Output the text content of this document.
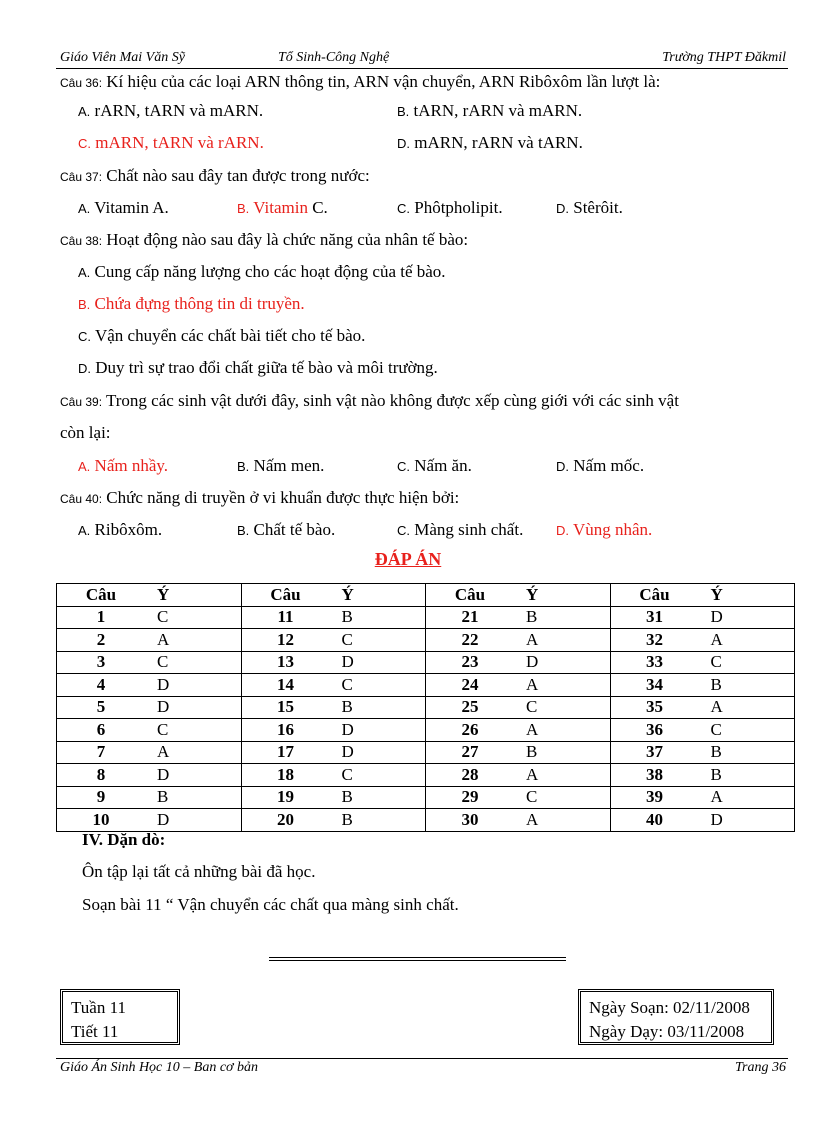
Giáo Viên Mai Văn Sỹ	Tổ Sinh-Công Nghệ	Trường THPT Đăkmil
Câu 36: Kí hiệu của các loại ARN thông tin, ARN vận chuyển, ARN Ribôxôm lần lượt là:
A. rARN, tARN và mARN.	B. tARN, rARN và mARN.
C. mARN, tARN và rARN.	D. mARN, rARN và tARN.
Câu 37: Chất nào sau đây tan được trong nước:
A. Vitamin A.	B. Vitamin C.	C. Phôtpholipit.	D. Stêrôit.
Câu 38: Hoạt động nào sau đây là chức năng của nhân tế bào:
A. Cung cấp năng lượng cho các hoạt động của tế bào.
B. Chứa đựng thông tin di truyền.
C. Vận chuyển các chất bài tiết cho tế bào.
D. Duy trì sự trao đổi chất giữa tế bào và môi trường.
Câu 39: Trong các sinh vật dưới đây, sinh vật nào không được xếp cùng giới với các sinh vật
còn lại:
A. Nấm nhầy.	B. Nấm men.	C. Nấm ăn.	D. Nấm mốc.
Câu 40: Chức năng di truyền ở vi khuẩn được thực hiện bởi:
A. Ribôxôm.	B. Chất tế bào.	C. Màng sinh chất.	D. Vùng nhân.
ĐÁP ÁN
Câu Ý	Câu Ý	Câu Ý	Câu Ý
1 C	11 B	21 B	31 D
2 A	12 C	22 A	32 A
3 C	13 D	23 D	33 C
4 D	14 C	24 A	34 B
5 D	15 B	25 C	35 A
6 C	16 D	26 A	36 C
7 A	17 D	27 B	37 B
8 D	18 C	28 A	38 B
9 B	19 B	29 C	39 A
10 D	20 B	30 A	40 D
IV. Dặn dò:
Ôn tập lại tất cả những bài đã học.
Soạn bài 11 “ Vận chuyển các chất qua màng sinh chất.
Tuần 11
Tiết 11
Ngày Soạn: 02/11/2008
Ngày Dạy: 03/11/2008
Giáo Án Sinh Học 10 – Ban cơ bản	Trang 36
